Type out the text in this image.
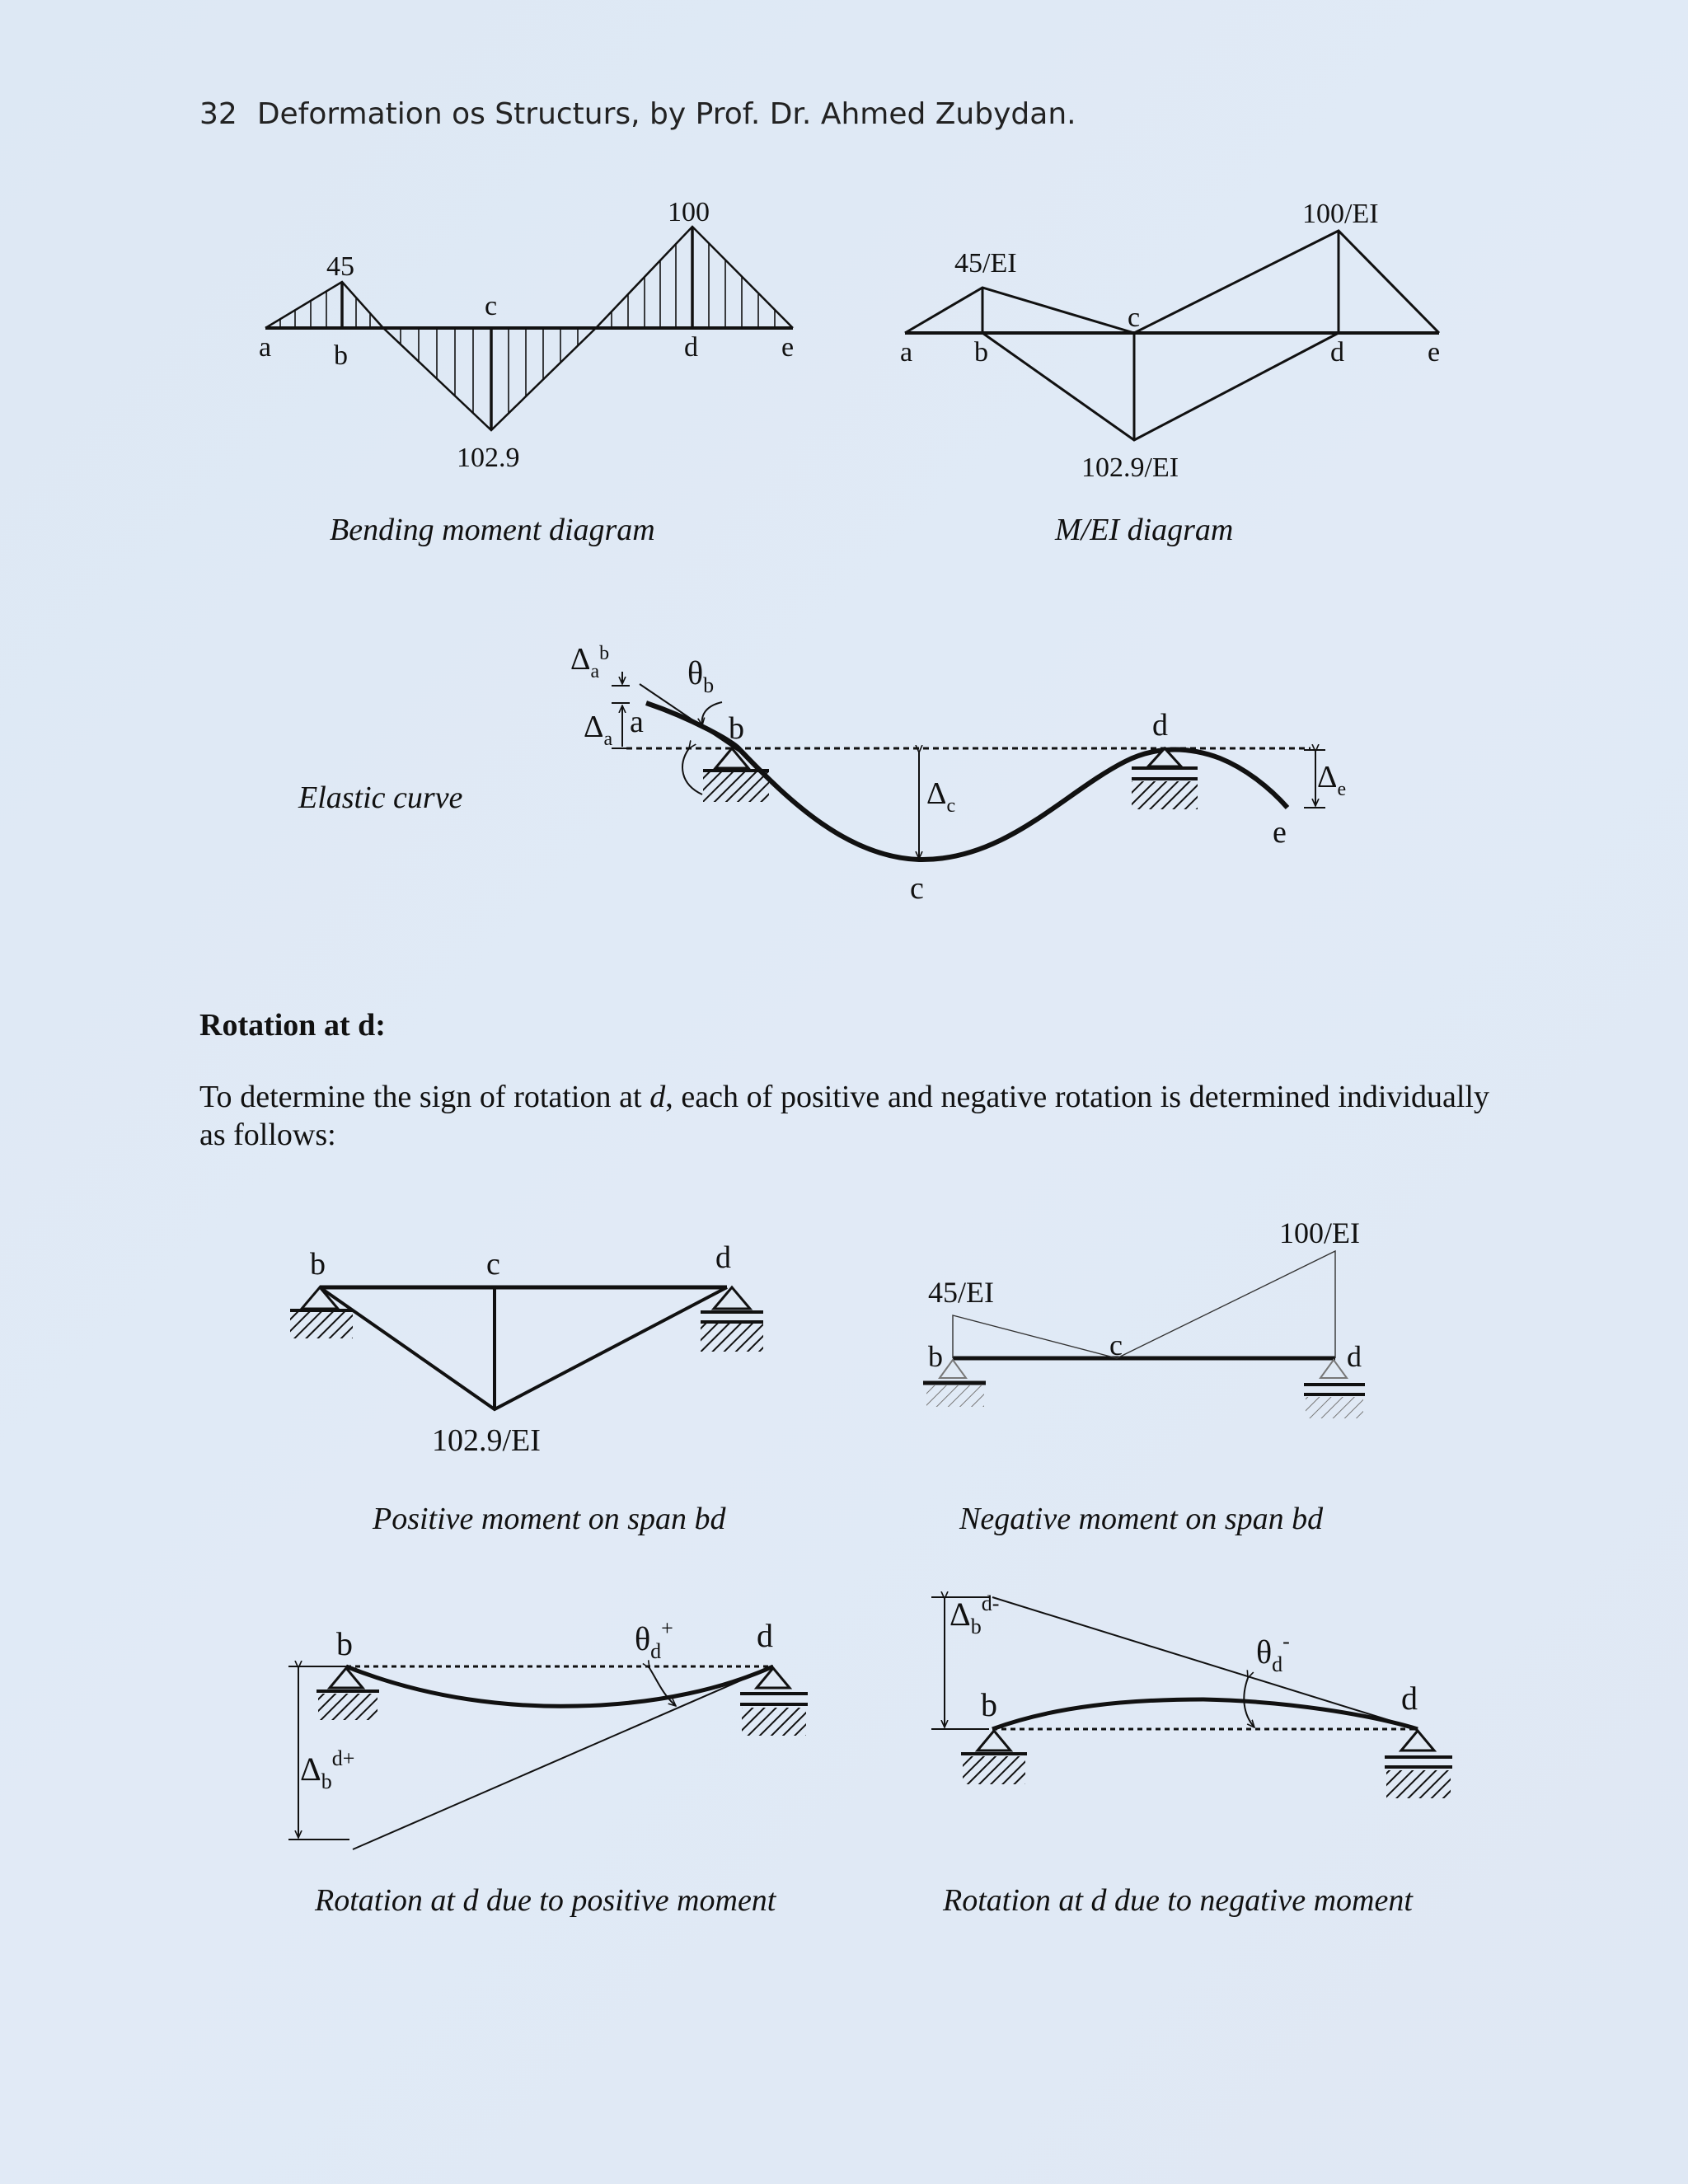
32 Deformation os Structurs, by Prof. Dr. Ahmed Zubydan.
a b
c
d	e
45
100
102.9
Bending moment diagram
a b
c
d	e
45/EI
100/EI
102.9/EI
M/EI diagram
Elastic curve
$\Delta_a^b$
$\Delta_a$
$\theta_b$
a	b	d
c
e
$\Delta_c$
$\Delta_e$
b	c	d
102.9/EI
Positive moment on span bd
b	c	d
45/EI
100/EI
Negative moment on span bd
b	d
$\theta_d^+$
$\Delta_b^{d+}$
Rotation at d due to positive moment
b	d
$\theta_d^-$
$\Delta_b^{d-}$
Rotation at d due to negative moment
Rotation at d:
To determine the sign of rotation at d, each of positive and negative rotation is determined individually as follows:
